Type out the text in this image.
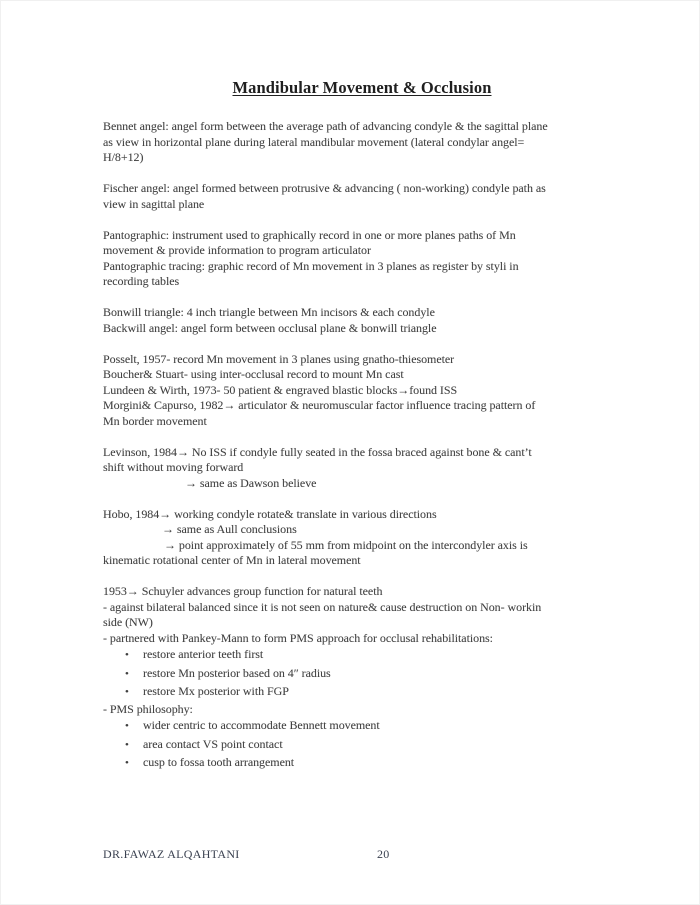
Mandibular Movement & Occlusion
Bennet angel: angel form between the average path of advancing condyle & the sagittal plane
as view in horizontal plane during lateral mandibular movement (lateral condylar angel=
H/8+12)
Fischer angel: angel formed between protrusive & advancing ( non-working) condyle path as
view in sagittal plane
Pantographic: instrument used to graphically record in one or more planes paths of Mn
movement & provide information to program articulator
Pantographic tracing: graphic record of Mn movement in 3 planes as register by styli in
recording tables
Bonwill triangle: 4 inch triangle between Mn incisors & each condyle
Backwill angel: angel form between occlusal plane & bonwill triangle
Posselt, 1957- record Mn movement in 3 planes using gnatho-thiesometer
Boucher& Stuart- using inter-occlusal record to mount Mn cast
Lundeen & Wirth, 1973- 50 patient & engraved blastic blocks→found ISS
Morgini& Capurso, 1982→ articulator & neuromuscular factor influence tracing pattern of
Mn border movement
Levinson, 1984→ No ISS if condyle fully seated in the fossa braced against bone & cant’t
shift without moving forward
→ same as Dawson believe
Hobo, 1984→ working condyle rotate& translate in various directions
→ same as Aull conclusions
→ point approximately of 55 mm from midpoint on the intercondyler axis is
kinematic rotational center of Mn in lateral movement
1953→ Schuyler advances group function for natural teeth
- against bilateral balanced since it is not seen on nature& cause destruction on Non- workin
side (NW)
- partnered with Pankey-Mann to form PMS approach for occlusal rehabilitations:
• restore anterior teeth first
• restore Mn posterior based on 4″ radius
• restore Mx posterior with FGP
- PMS philosophy:
• wider centric to accommodate Bennett movement
• area contact VS point contact
• cusp to fossa tooth arrangement
DR.FAWAZ ALQAHTANI	20
